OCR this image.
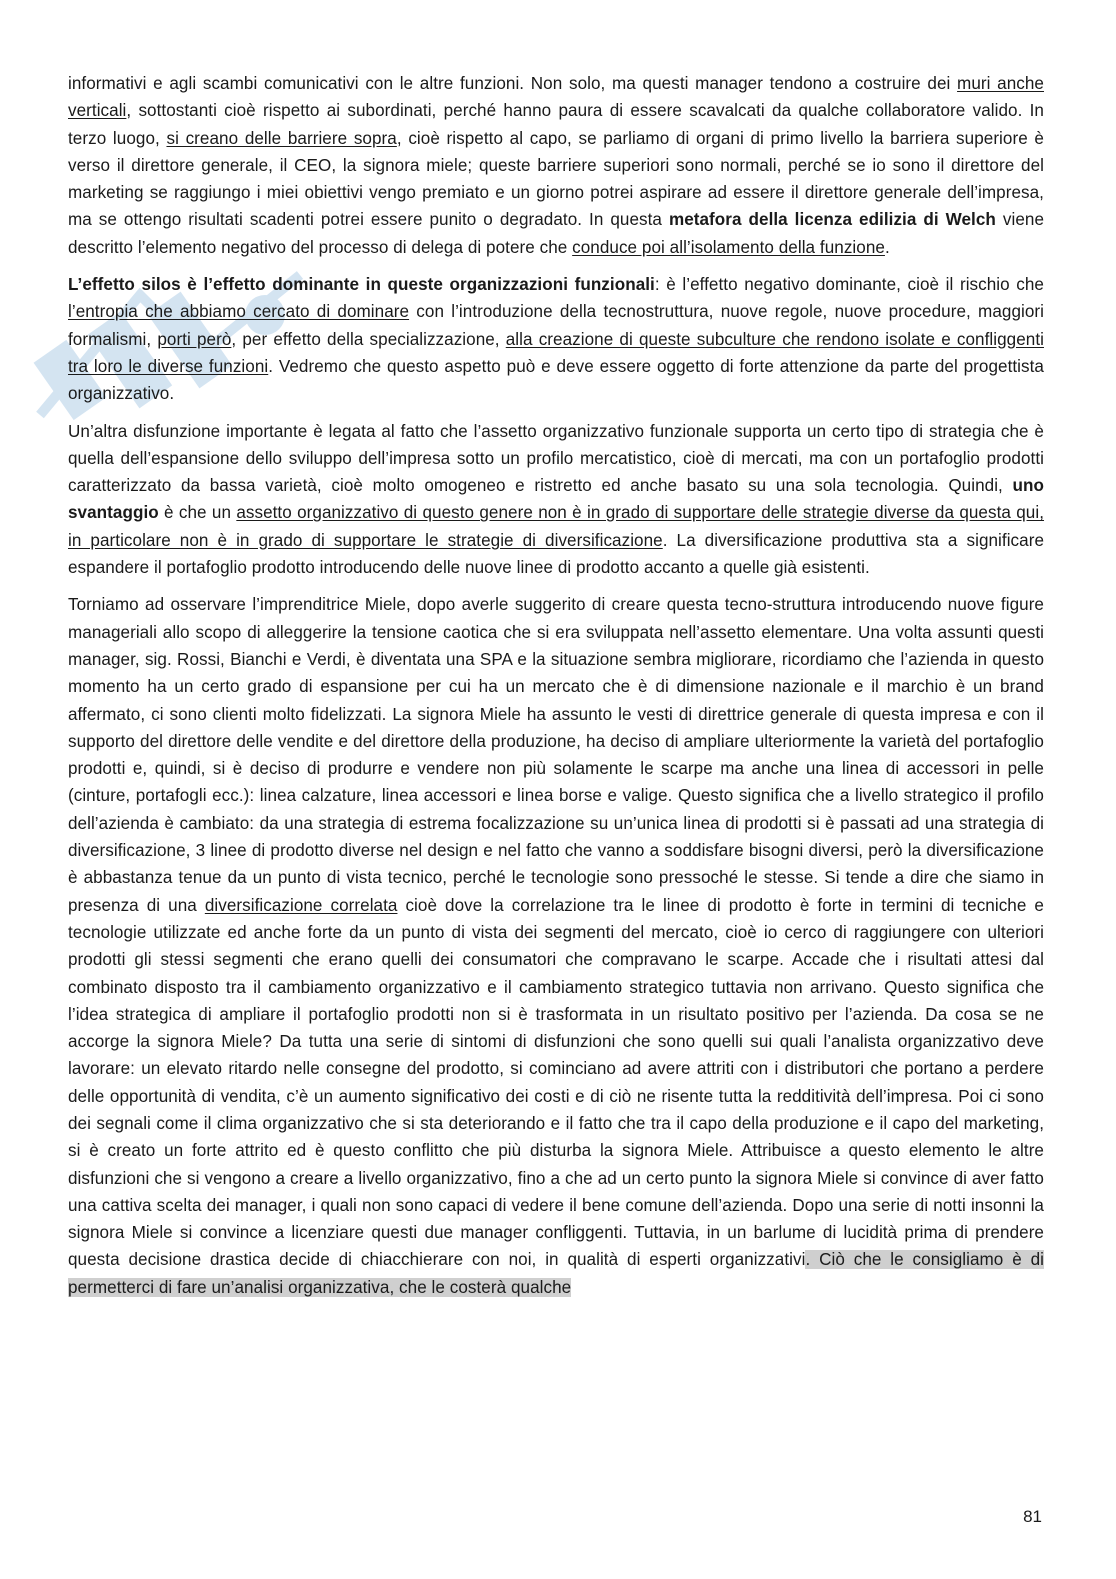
informativi e agli scambi comunicativi con le altre funzioni. Non solo, ma questi manager tendono a costruire dei muri anche verticali, sottostanti cioè rispetto ai subordinati, perché hanno paura di essere scavalcati da qualche collaboratore valido. In terzo luogo, si creano delle barriere sopra, cioè rispetto al capo, se parliamo di organi di primo livello la barriera superiore è verso il direttore generale, il CEO, la signora miele; queste barriere superiori sono normali, perché se io sono il direttore del marketing se raggiungo i miei obiettivi vengo premiato e un giorno potrei aspirare ad essere il direttore generale dell’impresa, ma se ottengo risultati scadenti potrei essere punito o degradato. In questa metafora della licenza edilizia di Welch viene descritto l’elemento negativo del processo di delega di potere che conduce poi all’isolamento della funzione.

L’effetto silos è l’effetto dominante in queste organizzazioni funzionali: è l’effetto negativo dominante, cioè il rischio che l’entropia che abbiamo cercato di dominare con l’introduzione della tecnostruttura, nuove regole, nuove procedure, maggiori formalismi, porti però, per effetto della specializzazione, alla creazione di queste subculture che rendono isolate e confliggenti tra loro le diverse funzioni. Vedremo che questo aspetto può e deve essere oggetto di forte attenzione da parte del progettista organizzativo.

Un’altra disfunzione importante è legata al fatto che l’assetto organizzativo funzionale supporta un certo tipo di strategia che è quella dell’espansione dello sviluppo dell’impresa sotto un profilo mercatistico, cioè di mercati, ma con un portafoglio prodotti caratterizzato da bassa varietà, cioè molto omogeneo e ristretto ed anche basato su una sola tecnologia. Quindi, uno svantaggio è che un assetto organizzativo di questo genere non è in grado di supportare delle strategie diverse da questa qui, in particolare non è in grado di supportare le strategie di diversificazione. La diversificazione produttiva sta a significare espandere il portafoglio prodotto introducendo delle nuove linee di prodotto accanto a quelle già esistenti.

Torniamo ad osservare l’imprenditrice Miele, dopo averle suggerito di creare questa tecno-struttura introducendo nuove figure manageriali allo scopo di alleggerire la tensione caotica che si era sviluppata nell’assetto elementare. Una volta assunti questi manager, sig. Rossi, Bianchi e Verdi, è diventata una SPA e la situazione sembra migliorare, ricordiamo che l’azienda in questo momento ha un certo grado di espansione per cui ha un mercato che è di dimensione nazionale e il marchio è un brand affermato, ci sono clienti molto fidelizzati. La signora Miele ha assunto le vesti di direttrice generale di questa impresa e con il supporto del direttore delle vendite e del direttore della produzione, ha deciso di ampliare ulteriormente la varietà del portafoglio prodotti e, quindi, si è deciso di produrre e vendere non più solamente le scarpe ma anche una linea di accessori in pelle (cinture, portafogli ecc.): linea calzature, linea accessori e linea borse e valige. Questo significa che a livello strategico il profilo dell’azienda è cambiato: da una strategia di estrema focalizzazione su un’unica linea di prodotti si è passati ad una strategia di diversificazione, 3 linee di prodotto diverse nel design e nel fatto che vanno a soddisfare bisogni diversi, però la diversificazione è abbastanza tenue da un punto di vista tecnico, perché le tecnologie sono pressoché le stesse. Si tende a dire che siamo in presenza di una diversificazione correlata cioè dove la correlazione tra le linee di prodotto è forte in termini di tecniche e tecnologie utilizzate ed anche forte da un punto di vista dei segmenti del mercato, cioè io cerco di raggiungere con ulteriori prodotti gli stessi segmenti che erano quelli dei consumatori che compravano le scarpe. Accade che i risultati attesi dal combinato disposto tra il cambiamento organizzativo e il cambiamento strategico tuttavia non arrivano. Questo significa che l’idea strategica di ampliare il portafoglio prodotti non si è trasformata in un risultato positivo per l’azienda. Da cosa se ne accorge la signora Miele? Da tutta una serie di sintomi di disfunzioni che sono quelli sui quali l’analista organizzativo deve lavorare: un elevato ritardo nelle consegne del prodotto, si cominciano ad avere attriti con i distributori che portano a perdere delle opportunità di vendita, c’è un aumento significativo dei costi e di ciò ne risente tutta la redditività dell’impresa. Poi ci sono dei segnali come il clima organizzativo che si sta deteriorando e il fatto che tra il capo della produzione e il capo del marketing, si è creato un forte attrito ed è questo conflitto che più disturba la signora Miele. Attribuisce a questo elemento le altre disfunzioni che si vengono a creare a livello organizzativo, fino a che ad un certo punto la signora Miele si convince di aver fatto una cattiva scelta dei manager, i quali non sono capaci di vedere il bene comune dell’azienda. Dopo una serie di notti insonni la signora Miele si convince a licenziare questi due manager confliggenti. Tuttavia, in un barlume di lucidità prima di prendere questa decisione drastica decide di chiacchierare con noi, in qualità di esperti organizzativi. Ciò che le consigliamo è di permetterci di fare un’analisi organizzativa, che le costerà qualche

81
